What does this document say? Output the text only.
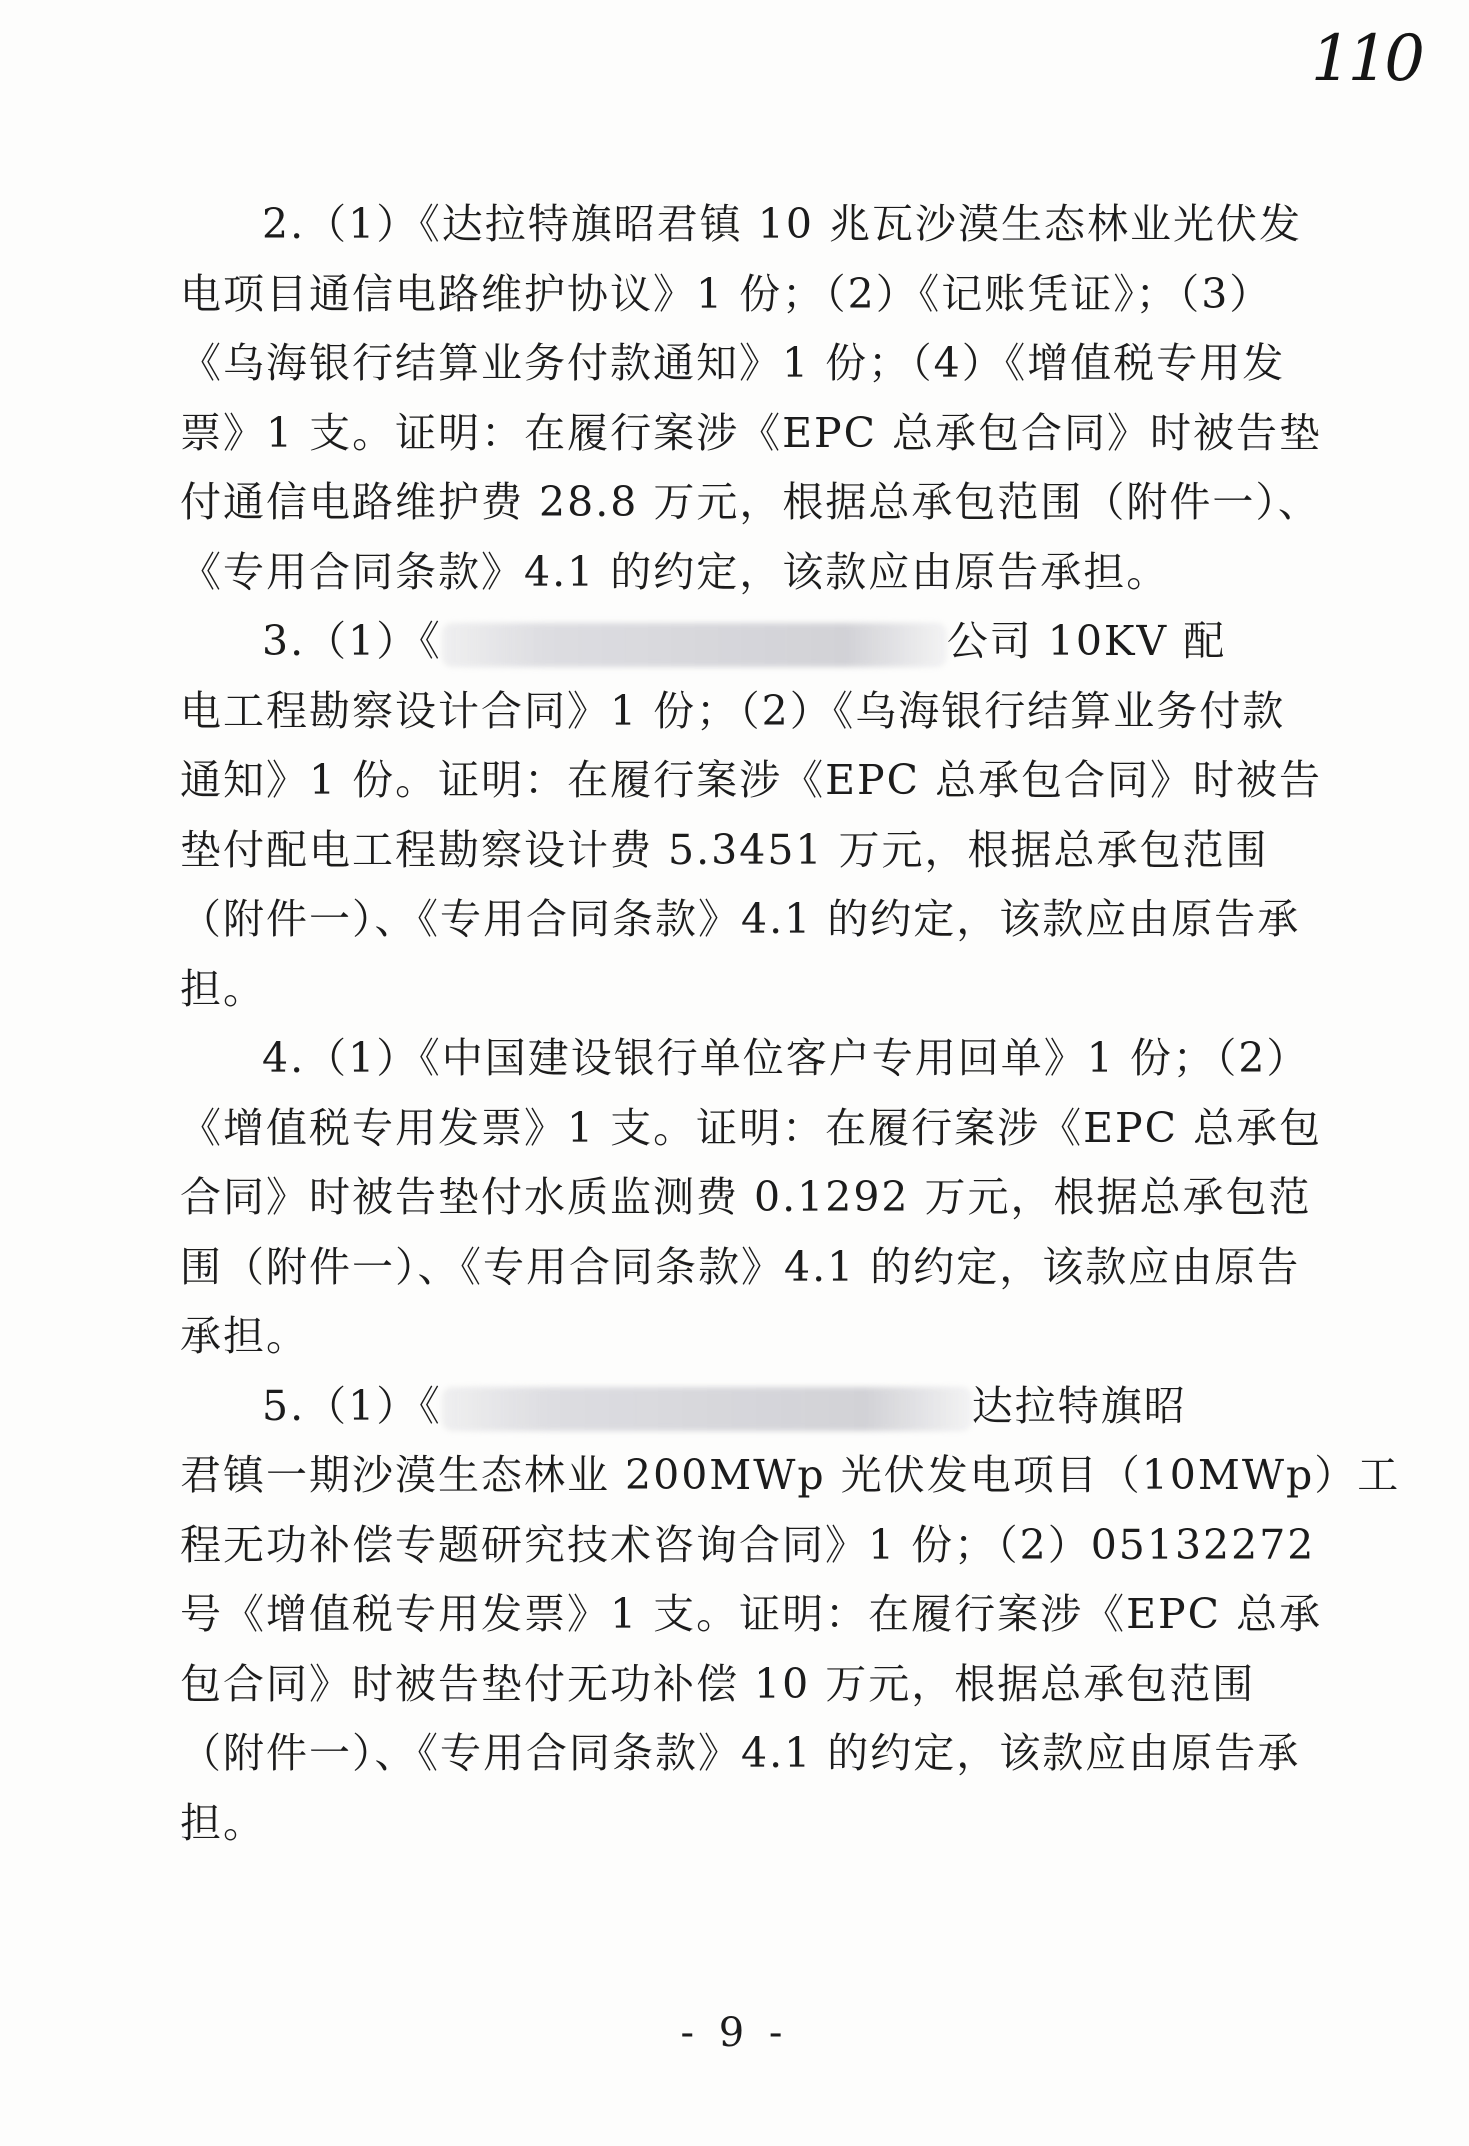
110
2.（1）《达拉特旗昭君镇 10 兆瓦沙漠生态林业光伏发
电项目通信电路维护协议》1 份；（2）《记账凭证》；（3）
《乌海银行结算业务付款通知》1 份；（4）《增值税专用发
票》1 支。证明：在履行案涉《EPC 总承包合同》时被告垫
付通信电路维护费 28.8 万元，根据总承包范围（附件一）、
《专用合同条款》4.1 的约定，该款应由原告承担。
3.（1）《	公司 10KV 配
电工程勘察设计合同》1 份；（2）《乌海银行结算业务付款
通知》1 份。证明：在履行案涉《EPC 总承包合同》时被告
垫付配电工程勘察设计费 5.3451 万元，根据总承包范围
（附件一）、《专用合同条款》4.1 的约定，该款应由原告承
担。
4.（1）《中国建设银行单位客户专用回单》1 份；（2）
《增值税专用发票》1 支。证明：在履行案涉《EPC 总承包
合同》时被告垫付水质监测费 0.1292 万元，根据总承包范
围（附件一）、《专用合同条款》4.1 的约定，该款应由原告
承担。
5.（1）《	达拉特旗昭
君镇一期沙漠生态林业 200MWp 光伏发电项目（10MWp）工
程无功补偿专题研究技术咨询合同》1 份；（2）05132272
号《增值税专用发票》1 支。证明：在履行案涉《EPC 总承
包合同》时被告垫付无功补偿 10 万元，根据总承包范围
（附件一）、《专用合同条款》4.1 的约定，该款应由原告承
担。
- 9 -
